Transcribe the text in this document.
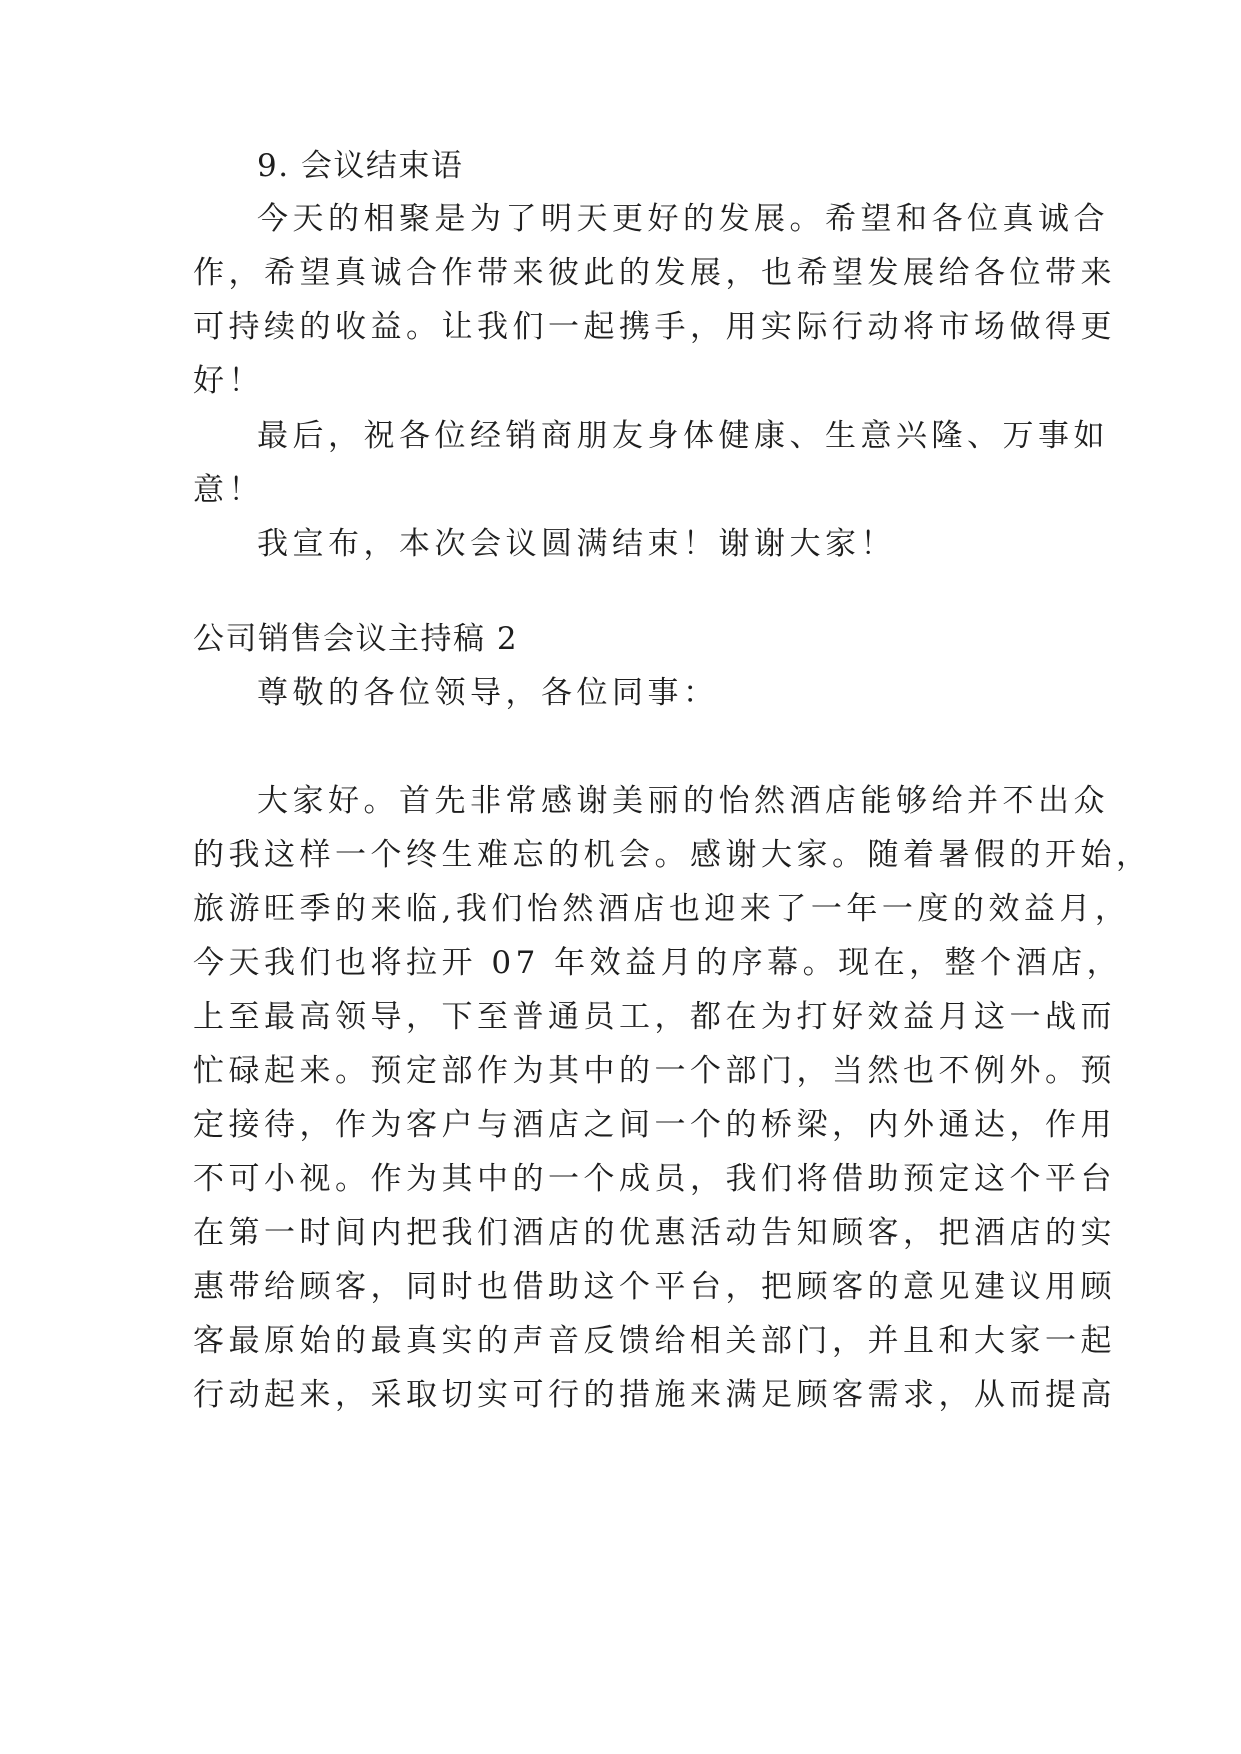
9. 会议结束语

今天的相聚是为了明天更好的发展。希望和各位真诚合

作，希望真诚合作带来彼此的发展，也希望发展给各位带来

可持续的收益。让我们一起携手，用实际行动将市场做得更

好！

最后，祝各位经销商朋友身体健康、生意兴隆、万事如

意！

我宣布，本次会议圆满结束！谢谢大家！

公司销售会议主持稿 2

尊敬的各位领导，各位同事：

大家好。首先非常感谢美丽的怡然酒店能够给并不出众

的我这样一个终生难忘的机会。感谢大家。随着暑假的开始，

旅游旺季的来临,我们怡然酒店也迎来了一年一度的效益月，

今天我们也将拉开 07 年效益月的序幕。现在，整个酒店，

上至最高领导，下至普通员工，都在为打好效益月这一战而

忙碌起来。预定部作为其中的一个部门，当然也不例外。预

定接待，作为客户与酒店之间一个的桥梁，内外通达，作用

不可小视。作为其中的一个成员，我们将借助预定这个平台

在第一时间内把我们酒店的优惠活动告知顾客，把酒店的实

惠带给顾客，同时也借助这个平台，把顾客的意见建议用顾

客最原始的最真实的声音反馈给相关部门，并且和大家一起

行动起来，采取切实可行的措施来满足顾客需求，从而提高
